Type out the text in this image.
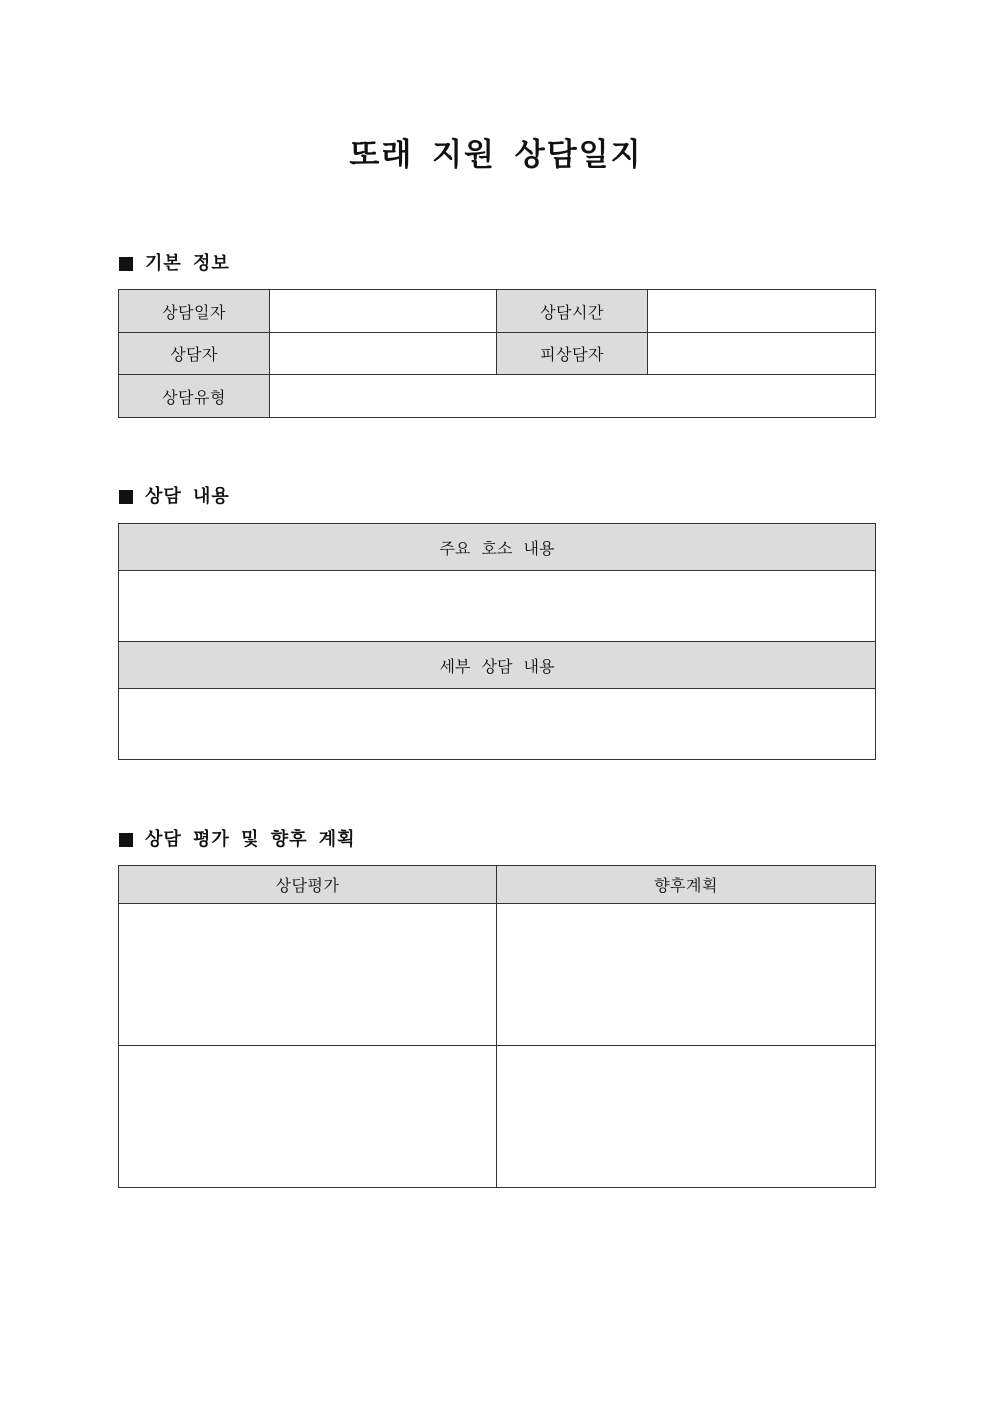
또래 지원 상담일지
기본 정보
상담일자		상담시간	
상담자		피상담자	
상담유형			
상담 내용
주요 호소 내용

세부 상담 내용

상담 평가 및 향후 계획
상담평가	향후계획
